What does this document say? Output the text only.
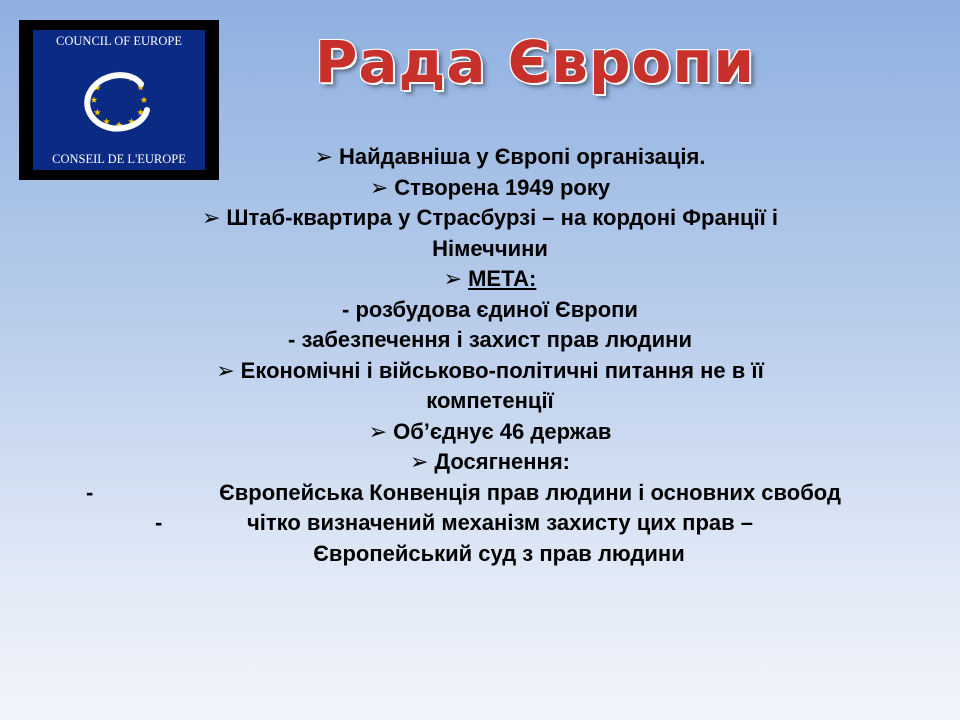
COUNCIL OF EUROPE
CONSEIL DE L'EUROPE
Рада Європи
➢ Найдавніша у Європі організація.
➢ Створена 1949 року
➢ Штаб-квартира у Страсбурзі – на кордоні Франції і
Німеччини
➢ МЕТА:
- розбудова єдиної Європи
- забезпечення і захист прав людини
➢ Економічні і військово-політичні питання не в її
компетенції
➢ Об’єднує 46 держав
➢ Досягнення:
-	Європейська Конвенція прав людини і основних свобод
-	чітко визначений механізм захисту цих прав –
Європейський суд з прав людини
